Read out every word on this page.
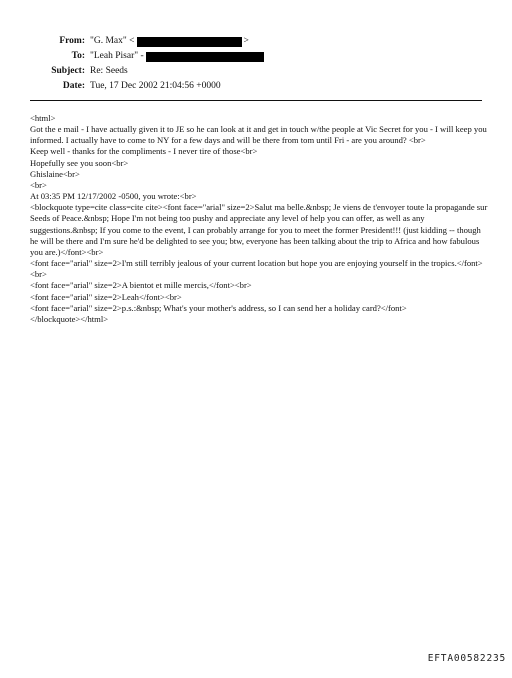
From: "G. Max" <	>
To: "Leah Pisar" -
Subject: Re: Seeds
Date: Tue, 17 Dec 2002 21:04:56 +0000
<html>
Got the e mail - I have actually given it to JE so he can look at it and get in touch w/the people at Vic Secret for you - I will keep you informed. I actually have to come to NY for a few days and will be there from tom until Fri - are you around? <br>
Keep well - thanks for the compliments - I never tire of those<br>
Hopefully see you soon<br>
Ghislaine<br>
<br>
At 03:35 PM 12/17/2002 -0500, you wrote:<br>
<blockquote type=cite class=cite cite><font face="arial" size=2>Salut ma belle.&nbsp; Je viens de t'envoyer toute la propagande sur Seeds of Peace.&nbsp; Hope I'm not being too pushy and appreciate any level of help you can offer, as well as any suggestions.&nbsp; If you come to the event, I can probably arrange for you to meet the former President!!! (just kidding -- though he will be there and I'm sure he'd be delighted to see you; btw, everyone has been talking about the trip to Africa and how fabulous you are.)</font><br>
<font face="arial" size=2>I'm still terribly jealous of your current location but hope you are enjoying yourself in the tropics.</font><br>
<font face="arial" size=2>A bientot et mille mercis,</font><br>
<font face="arial" size=2>Leah</font><br>
<font face="arial" size=2>p.s.:&nbsp; What's your mother's address, so I can send her a holiday card?</font>
</blockquote></html>
EFTA00582235
